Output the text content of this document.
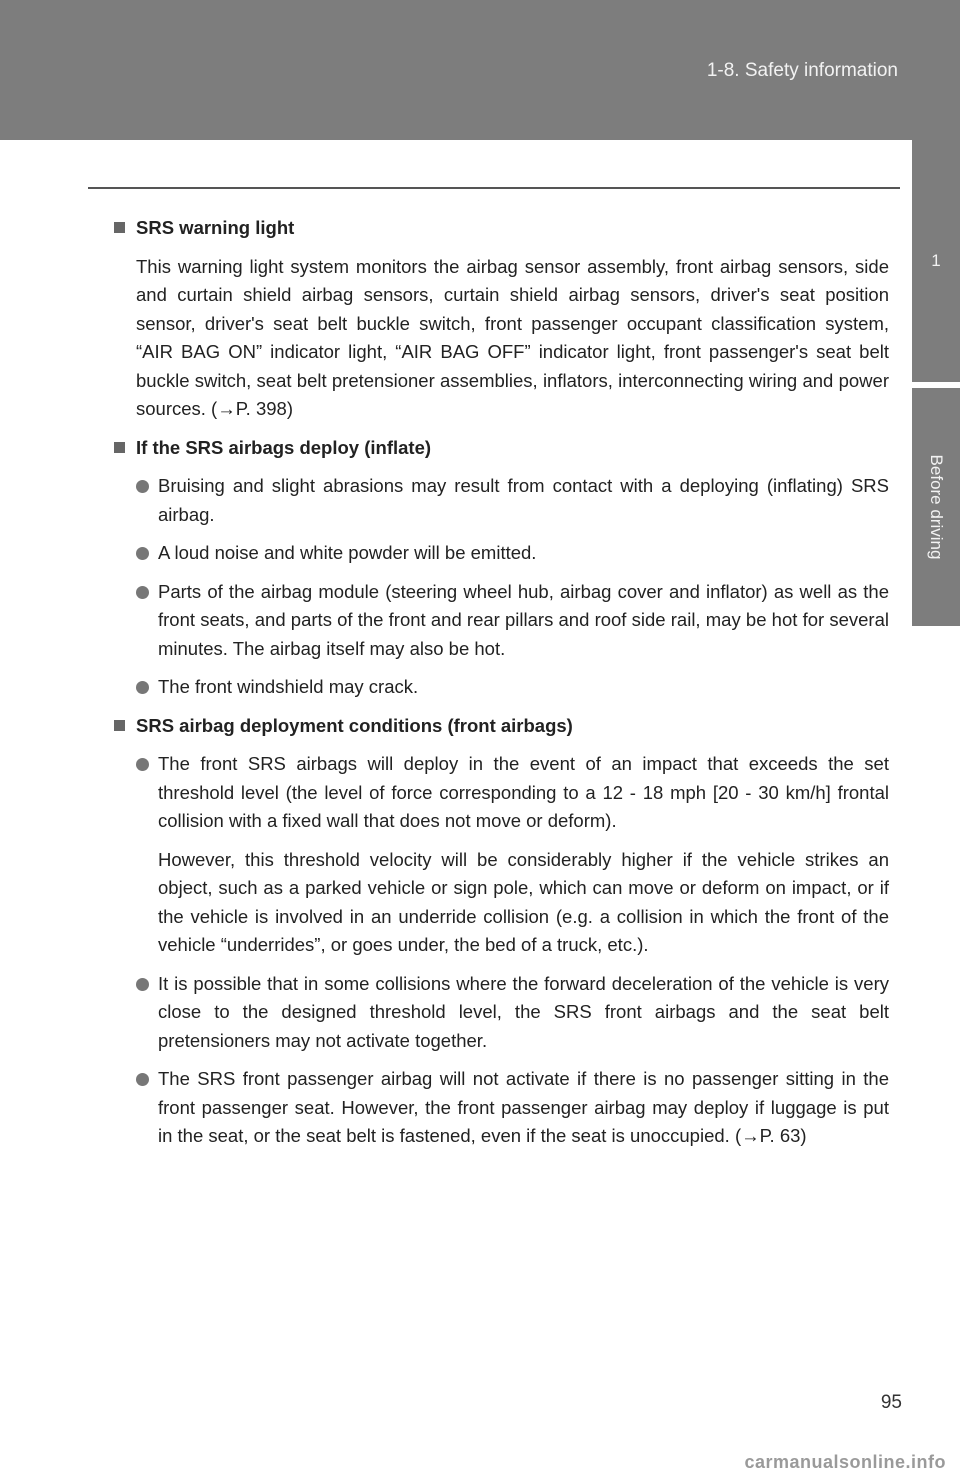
1-8. Safety information
1
Before driving
SRS warning light
This warning light system monitors the airbag sensor assembly, front airbag sensors, side and curtain shield airbag sensors, curtain shield airbag sensors, driver's seat position sensor, driver's seat belt buckle switch, front passenger occupant classification system, “AIR BAG ON” indicator light, “AIR BAG OFF” indicator light, front passenger's seat belt buckle switch, seat belt pretensioner assemblies, inflators, interconnecting wiring and power sources. (→P. 398)
If the SRS airbags deploy (inflate)
Bruising and slight abrasions may result from contact with a deploying (inflating) SRS airbag.
A loud noise and white powder will be emitted.
Parts of the airbag module (steering wheel hub, airbag cover and inflator) as well as the front seats, and parts of the front and rear pillars and roof side rail, may be hot for several minutes. The airbag itself may also be hot.
The front windshield may crack.
SRS airbag deployment conditions (front airbags)
The front SRS airbags will deploy in the event of an impact that exceeds the set threshold level (the level of force corresponding to a 12 - 18 mph [20 - 30 km/h] frontal collision with a fixed wall that does not move or deform).
However, this threshold velocity will be considerably higher if the vehicle strikes an object, such as a parked vehicle or sign pole, which can move or deform on impact, or if the vehicle is involved in an underride collision (e.g. a collision in which the front of the vehicle “underrides”, or goes under, the bed of a truck, etc.).
It is possible that in some collisions where the forward deceleration of the vehicle is very close to the designed threshold level, the SRS front airbags and the seat belt pretensioners may not activate together.
The SRS front passenger airbag will not activate if there is no passenger sitting in the front passenger seat. However, the front passenger airbag may deploy if luggage is put in the seat, or the seat belt is fastened, even if the seat is unoccupied. (→P. 63)
95
carmanualsonline.info
